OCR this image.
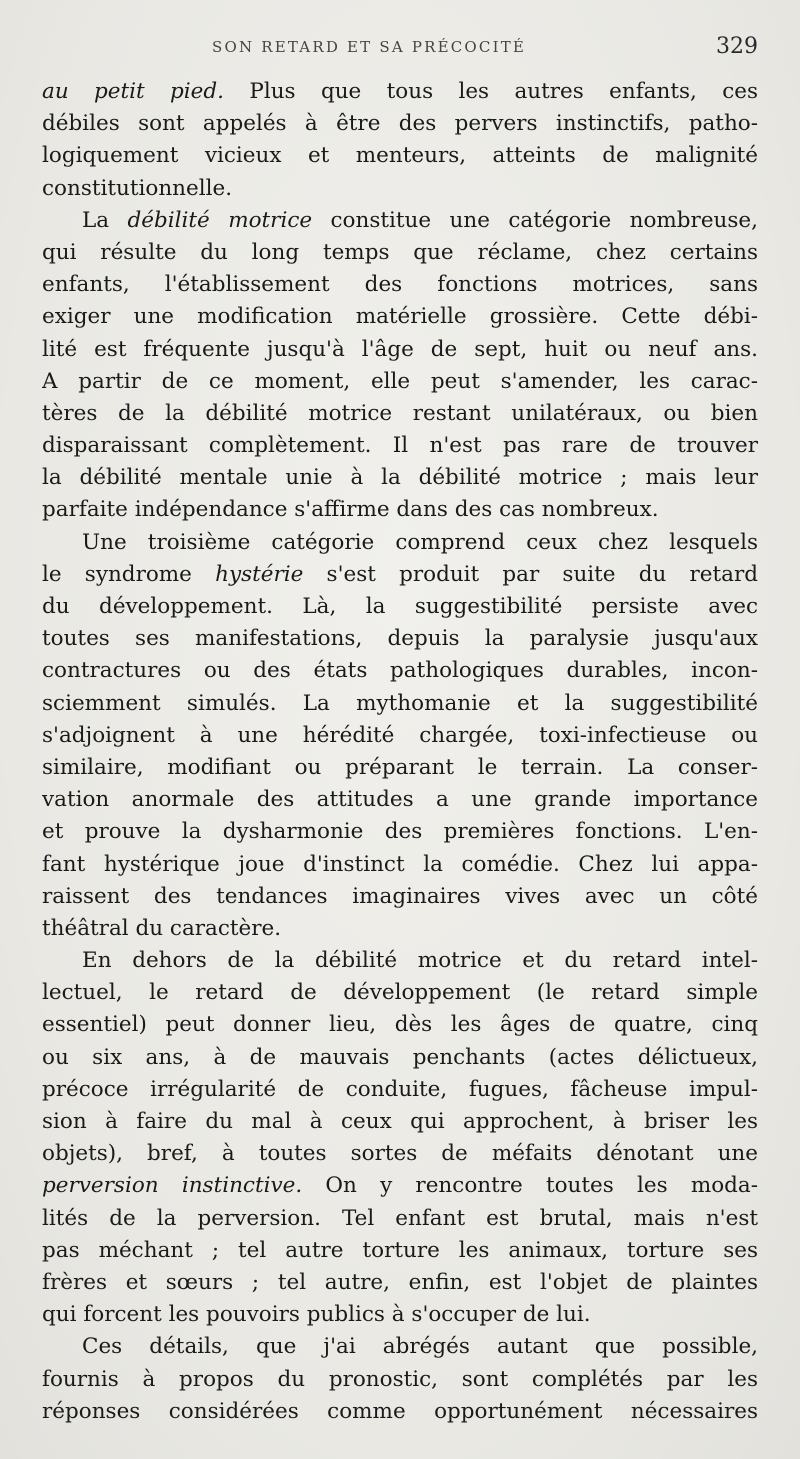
SON RETARD ET SA PRÉCOCITÉ	329
au petit pied. Plus que tous les autres enfants, ces
débiles sont appelés à être des pervers instinctifs, patho-
logiquement vicieux et menteurs, atteints de malignité
constitutionnelle.
La débilité motrice constitue une catégorie nombreuse,
qui résulte du long temps que réclame, chez certains
enfants, l'établissement des fonctions motrices, sans
exiger une modification matérielle grossière. Cette débi-
lité est fréquente jusqu'à l'âge de sept, huit ou neuf ans.
A partir de ce moment, elle peut s'amender, les carac-
tères de la débilité motrice restant unilatéraux, ou bien
disparaissant complètement. Il n'est pas rare de trouver
la débilité mentale unie à la débilité motrice ; mais leur
parfaite indépendance s'affirme dans des cas nombreux.
Une troisième catégorie comprend ceux chez lesquels
le syndrome hystérie s'est produit par suite du retard
du développement. Là, la suggestibilité persiste avec
toutes ses manifestations, depuis la paralysie jusqu'aux
contractures ou des états pathologiques durables, incon-
sciemment simulés. La mythomanie et la suggestibilité
s'adjoignent à une hérédité chargée, toxi-infectieuse ou
similaire, modifiant ou préparant le terrain. La conser-
vation anormale des attitudes a une grande importance
et prouve la dysharmonie des premières fonctions. L'en-
fant hystérique joue d'instinct la comédie. Chez lui appa-
raissent des tendances imaginaires vives avec un côté
théâtral du caractère.
En dehors de la débilité motrice et du retard intel-
lectuel, le retard de développement (le retard simple
essentiel) peut donner lieu, dès les âges de quatre, cinq
ou six ans, à de mauvais penchants (actes délictueux,
précoce irrégularité de conduite, fugues, fâcheuse impul-
sion à faire du mal à ceux qui approchent, à briser les
objets), bref, à toutes sortes de méfaits dénotant une
perversion instinctive. On y rencontre toutes les moda-
lités de la perversion. Tel enfant est brutal, mais n'est
pas méchant ; tel autre torture les animaux, torture ses
frères et sœurs ; tel autre, enfin, est l'objet de plaintes
qui forcent les pouvoirs publics à s'occuper de lui.
Ces détails, que j'ai abrégés autant que possible,
fournis à propos du pronostic, sont complétés par les
réponses considérées comme opportunément nécessaires
